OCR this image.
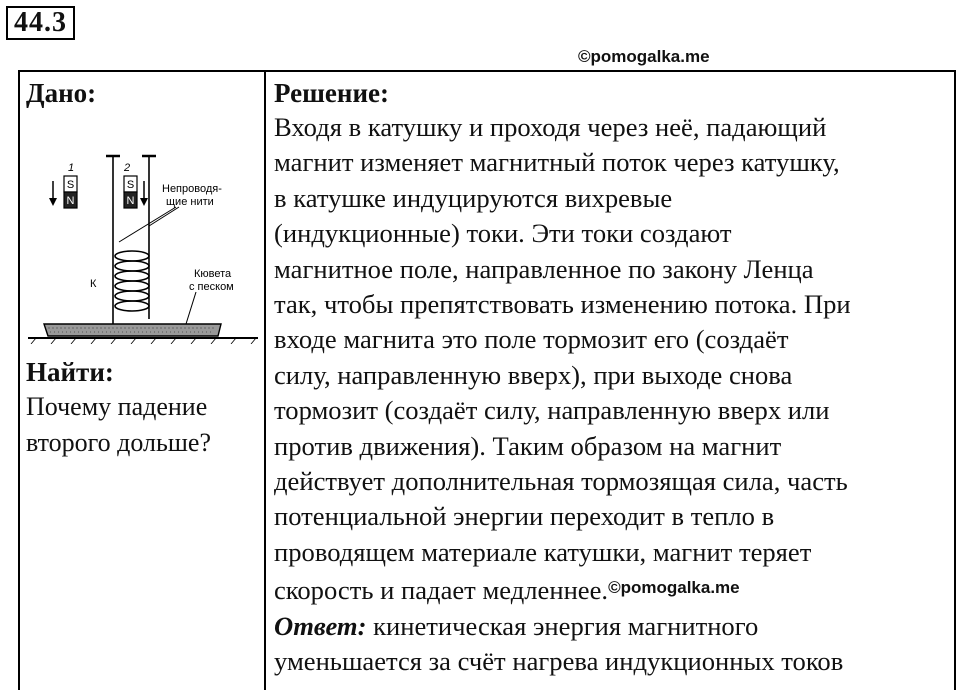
44.3
©pomogalka.me
Дано:
1
S
N
2
S
N
Непроводя-
щие нити
К
Кювета
с песком
Найти:
Почему падение
второго дольше?
Решение:
Входя в катушку и проходя через неё, падающий
магнит изменяет магнитный поток через катушку,
в катушке индуцируются вихревые
(индукционные) токи. Эти токи создают
магнитное поле, направленное по закону Ленца
так, чтобы препятствовать изменению потока. При
входе магнита это поле тормозит его (создаёт
силу, направленную вверх), при выходе снова
тормозит (создаёт силу, направленную вверх или
против движения). Таким образом на магнит
действует дополнительная тормозящая сила, часть
потенциальной энергии переходит в тепло в
проводящем материале катушки, магнит теряет
скорость и падает медленнее.$^{©pomogalka.me}$
Ответ: кинетическая энергия магнитного
уменьшается за счёт нагрева индукционных токов
